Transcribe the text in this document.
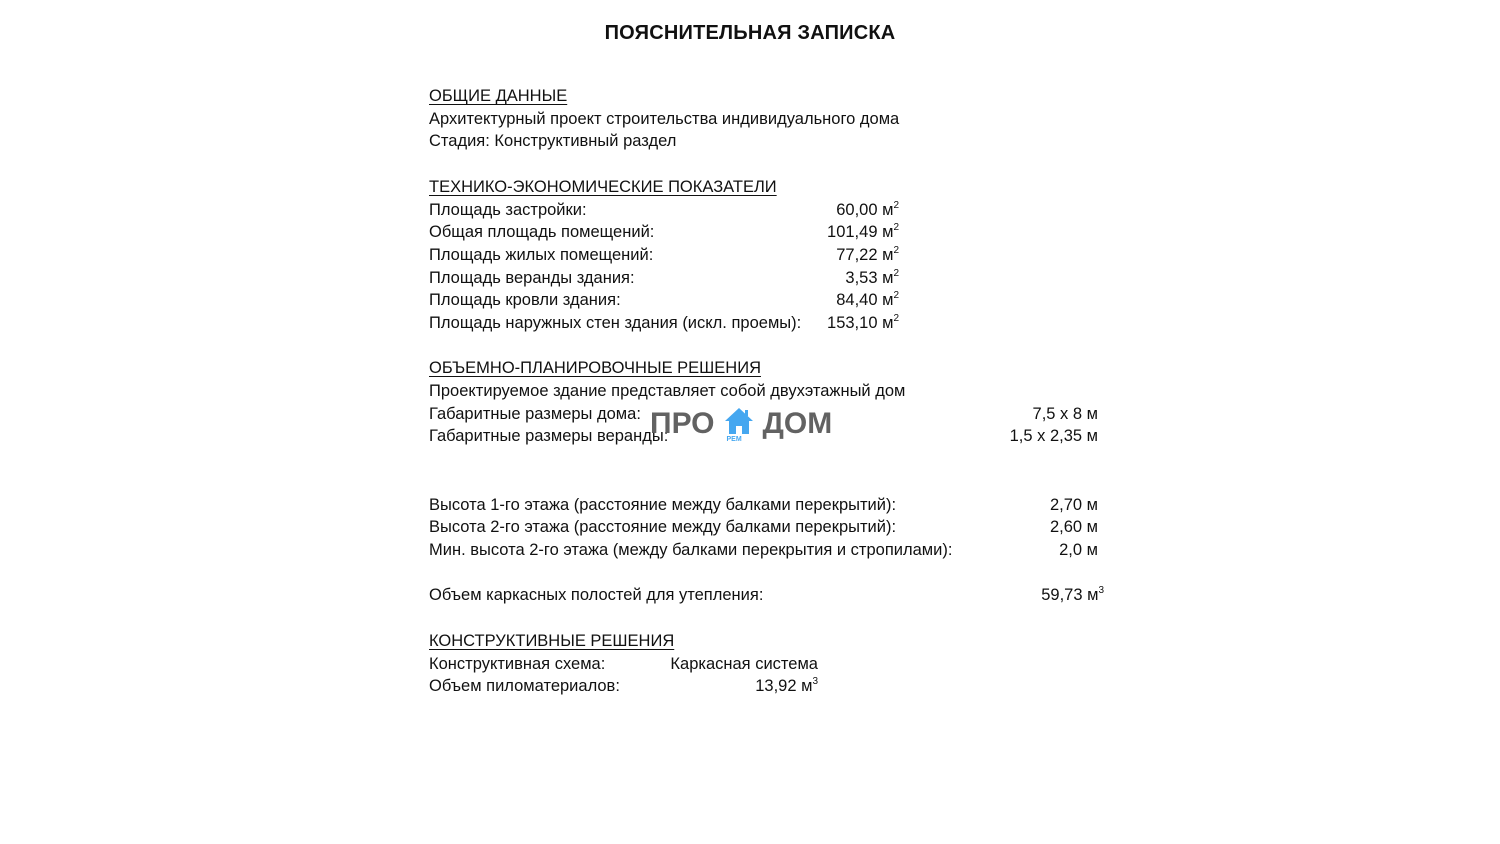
ПОЯСНИТЕЛЬНАЯ ЗАПИСКА
ОБЩИЕ ДАННЫЕ
Архитектурный проект строительства индивидуального дома
Стадия: Конструктивный раздел
ТЕХНИКО-ЭКОНОМИЧЕСКИЕ ПОКАЗАТЕЛИ
Площадь застройки:	60,00 $м^2$
Общая площадь помещений:	101,49 $м^2$
Площадь жилых помещений:	77,22 $м^2$
Площадь веранды здания:	3,53 $м^2$
Площадь кровли здания:	84,40 $м^2$
Площадь наружных стен здания (искл. проемы): 153,10 $м^2$
ОБЪЕМНО-ПЛАНИРОВОЧНЫЕ РЕШЕНИЯ
Проектируемое здание представляет собой двухэтажный дом
Габаритные размеры дома:	7,5 х 8 м
Габаритные размеры веранды:	1,5 х 2,35 м
Высота 1-го этажа (расстояние между балками перекрытий):	2,70 м
Высота 2-го этажа (расстояние между балками перекрытий):	2,60 м
Мин. высота 2-го этажа (между балками перекрытия и стропилами):	2,0 м
Объем каркасных полостей для утепления:	59,73 $м^3$
КОНСТРУКТИВНЫЕ РЕШЕНИЯ
Конструктивная схема:	Каркасная система
Объем пиломатериалов:	13,92 $м^3$
ПРО РЕМ ДОМ
